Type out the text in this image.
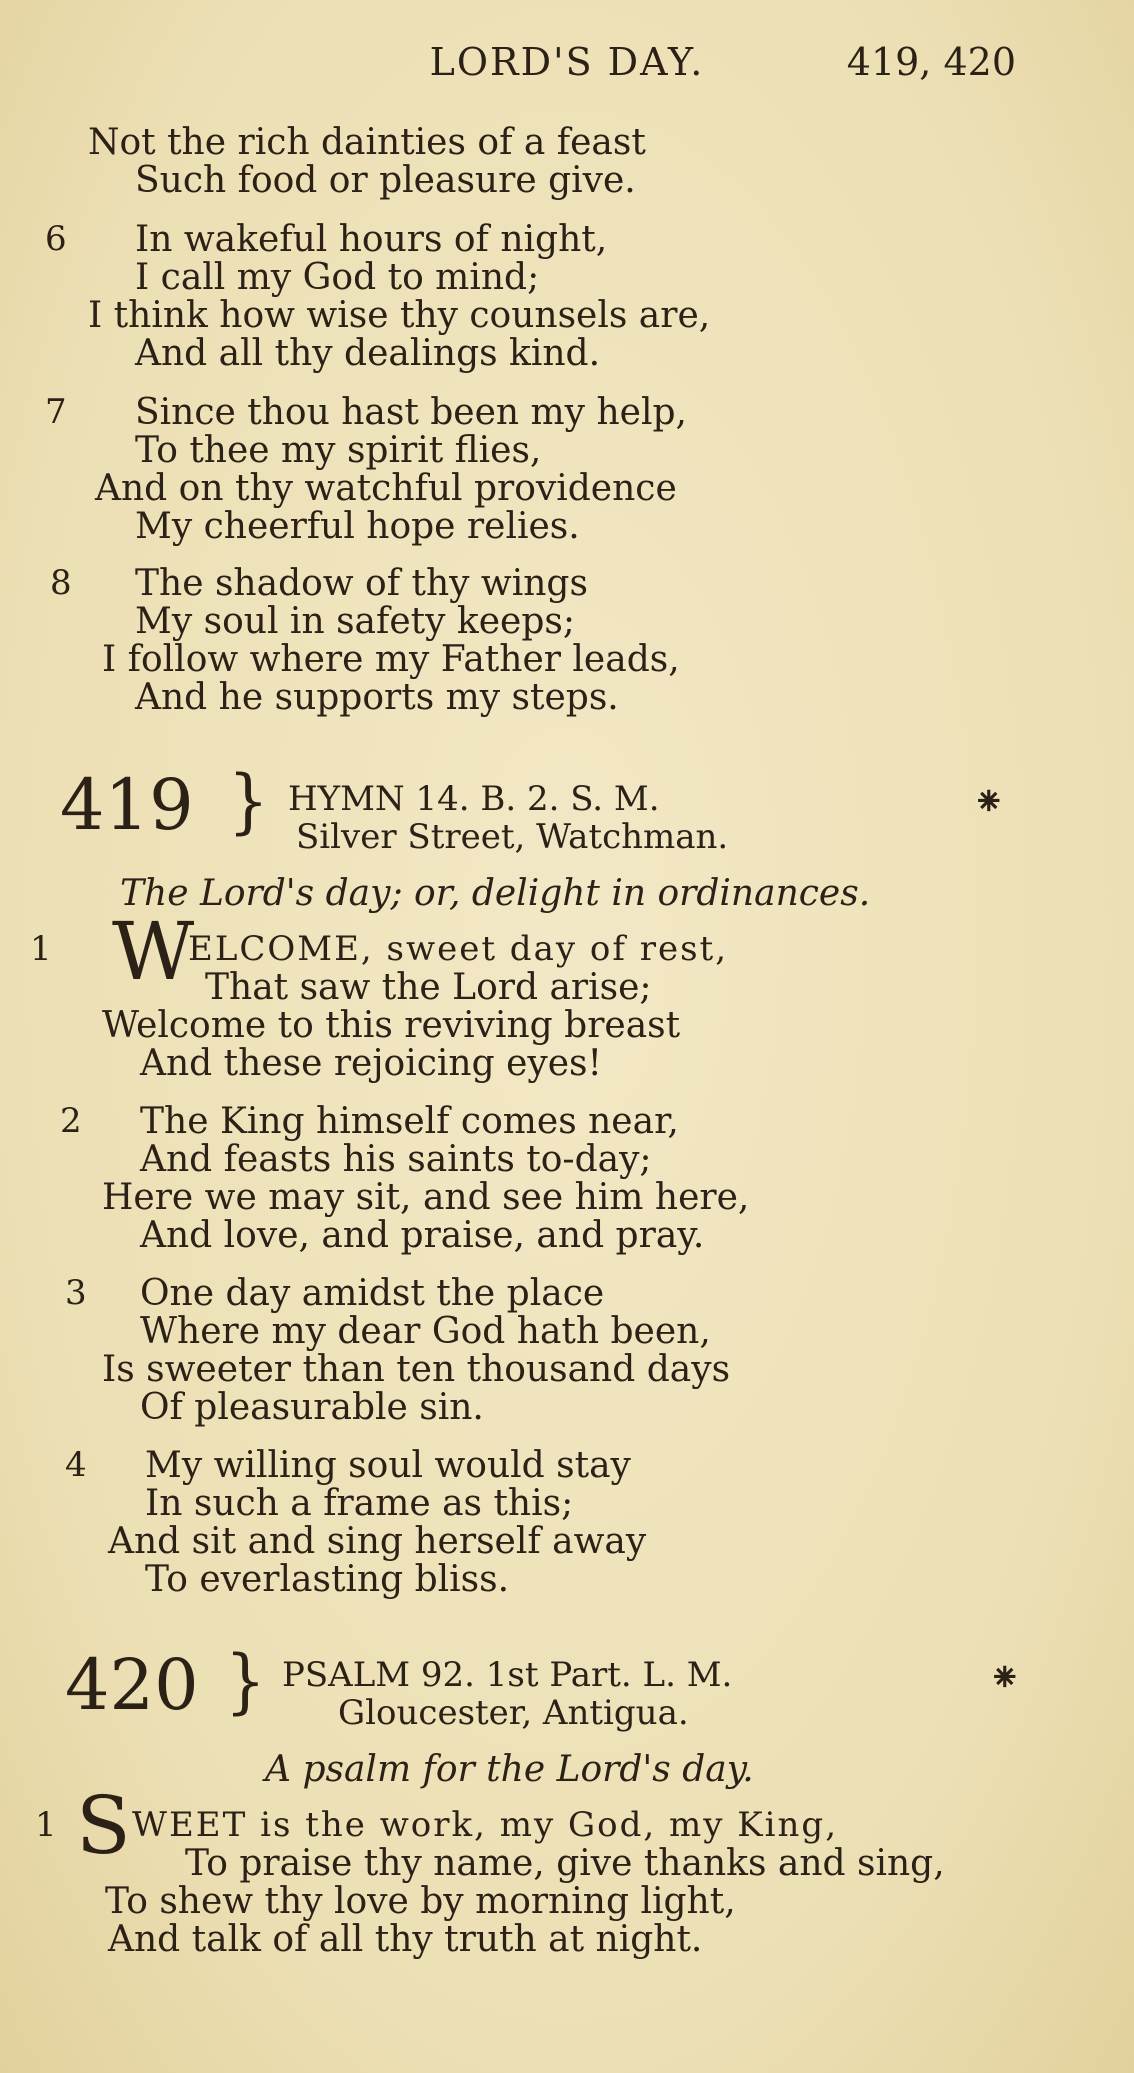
LORD'S DAY.	419, 420
Not the rich dainties of a feast
Such food or pleasure give.
6 In wakeful hours of night,
I call my God to mind;
I think how wise thy counsels are,
And all thy dealings kind.
7 Since thou hast been my help,
To thee my spirit flies,
And on thy watchful providence
My cheerful hope relies.
8 The shadow of thy wings
My soul in safety keeps;
I follow where my Father leads,
And he supports my steps.
419 } HYMN 14. B. 2. S. M.
Silver Street, Watchman.
⁕
The Lord's day; or, delight in ordinances.
1 W
ELCOME, sweet day of rest,
That saw the Lord arise;
Welcome to this reviving breast
And these rejoicing eyes!
2 The King himself comes near,
And feasts his saints to-day;
Here we may sit, and see him here,
And love, and praise, and pray.
3 One day amidst the place
Where my dear God hath been,
Is sweeter than ten thousand days
Of pleasurable sin.
4 My willing soul would stay
In such a frame as this;
And sit and sing herself away
To everlasting bliss.
420 } PSALM 92. 1st Part. L. M.
Gloucester, Antigua.
⁕
A psalm for the Lord's day.
1 S WEET is the work, my God, my King,
To praise thy name, give thanks and sing,
To shew thy love by morning light,
And talk of all thy truth at night.
